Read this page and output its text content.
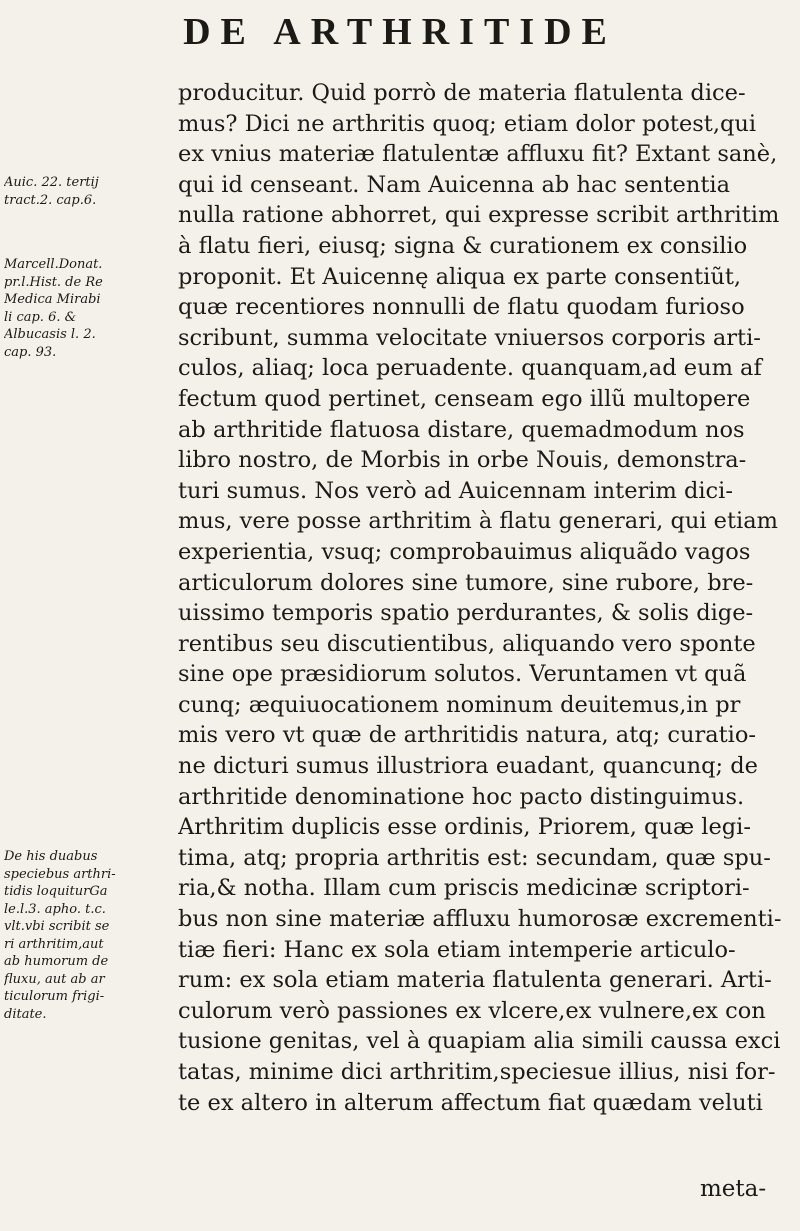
DE ARTHRITIDE
Auic. 22. tertij
tract.2. cap.6.
Marcell.Donat.
pr.l.Hist. de Re
Medica Mirabi
li cap. 6. &
Albucasis l. 2.
cap. 93.
De his duabus
speciebus arthri-
tidis loquiturGa
le.l.3. apho. t.c.
vlt.vbi scribit se
ri arthritim,aut
ab humorum de
fluxu, aut ab ar
ticulorum frigi-
ditate.
producitur. Quid porrò de materia flatulenta dice-
mus? Dici ne arthritis quoq; etiam dolor potest,qui
ex vnius materiæ flatulentæ affluxu fit? Extant sanè,
qui id censeant. Nam Auicenna ab hac sententia
nulla ratione abhorret, qui expresse scribit arthritim
à flatu fieri, eiusq; signa & curationem ex consilio
proponit. Et Auicennę aliqua ex parte consentiũt,
quæ recentiores nonnulli de flatu quodam furioso
scribunt, summa velocitate vniuersos corporis arti-
culos, aliaq; loca peruadente. quanquam,ad eum af
fectum quod pertinet, censeam ego illũ multopere
ab arthritide flatuosa distare, quemadmodum nos
libro nostro, de Morbis in orbe Nouis, demonstra-
turi sumus. Nos verò ad Auicennam interim dici-
mus, vere posse arthritim à flatu generari, qui etiam
experientia, vsuq; comprobauimus aliquãdo vagos
articulorum dolores sine tumore, sine rubore, bre-
uissimo temporis spatio perdurantes, & solis dige-
rentibus seu discutientibus, aliquando vero sponte
sine ope præsidiorum solutos. Veruntamen vt quã
cunq; æquiuocationem nominum deuitemus,in pr
mis vero vt quæ de arthritidis natura, atq; curatio-
ne dicturi sumus illustriora euadant, quancunq; de
arthritide denominatione hoc pacto distinguimus.
Arthritim duplicis esse ordinis, Priorem, quæ legi-
tima, atq; propria arthritis est: secundam, quæ spu-
ria,& notha. Illam cum priscis medicinæ scriptori-
bus non sine materiæ affluxu humorosæ excrementi-
tiæ fieri: Hanc ex sola etiam intemperie articulo-
rum: ex sola etiam materia flatulenta generari. Arti-
culorum verò passiones ex vlcere,ex vulnere,ex con
tusione genitas, vel à quapiam alia simili caussa exci
tatas, minime dici arthritim,speciesue illius, nisi for-
te ex altero in alterum affectum fiat quædam veluti
meta-
